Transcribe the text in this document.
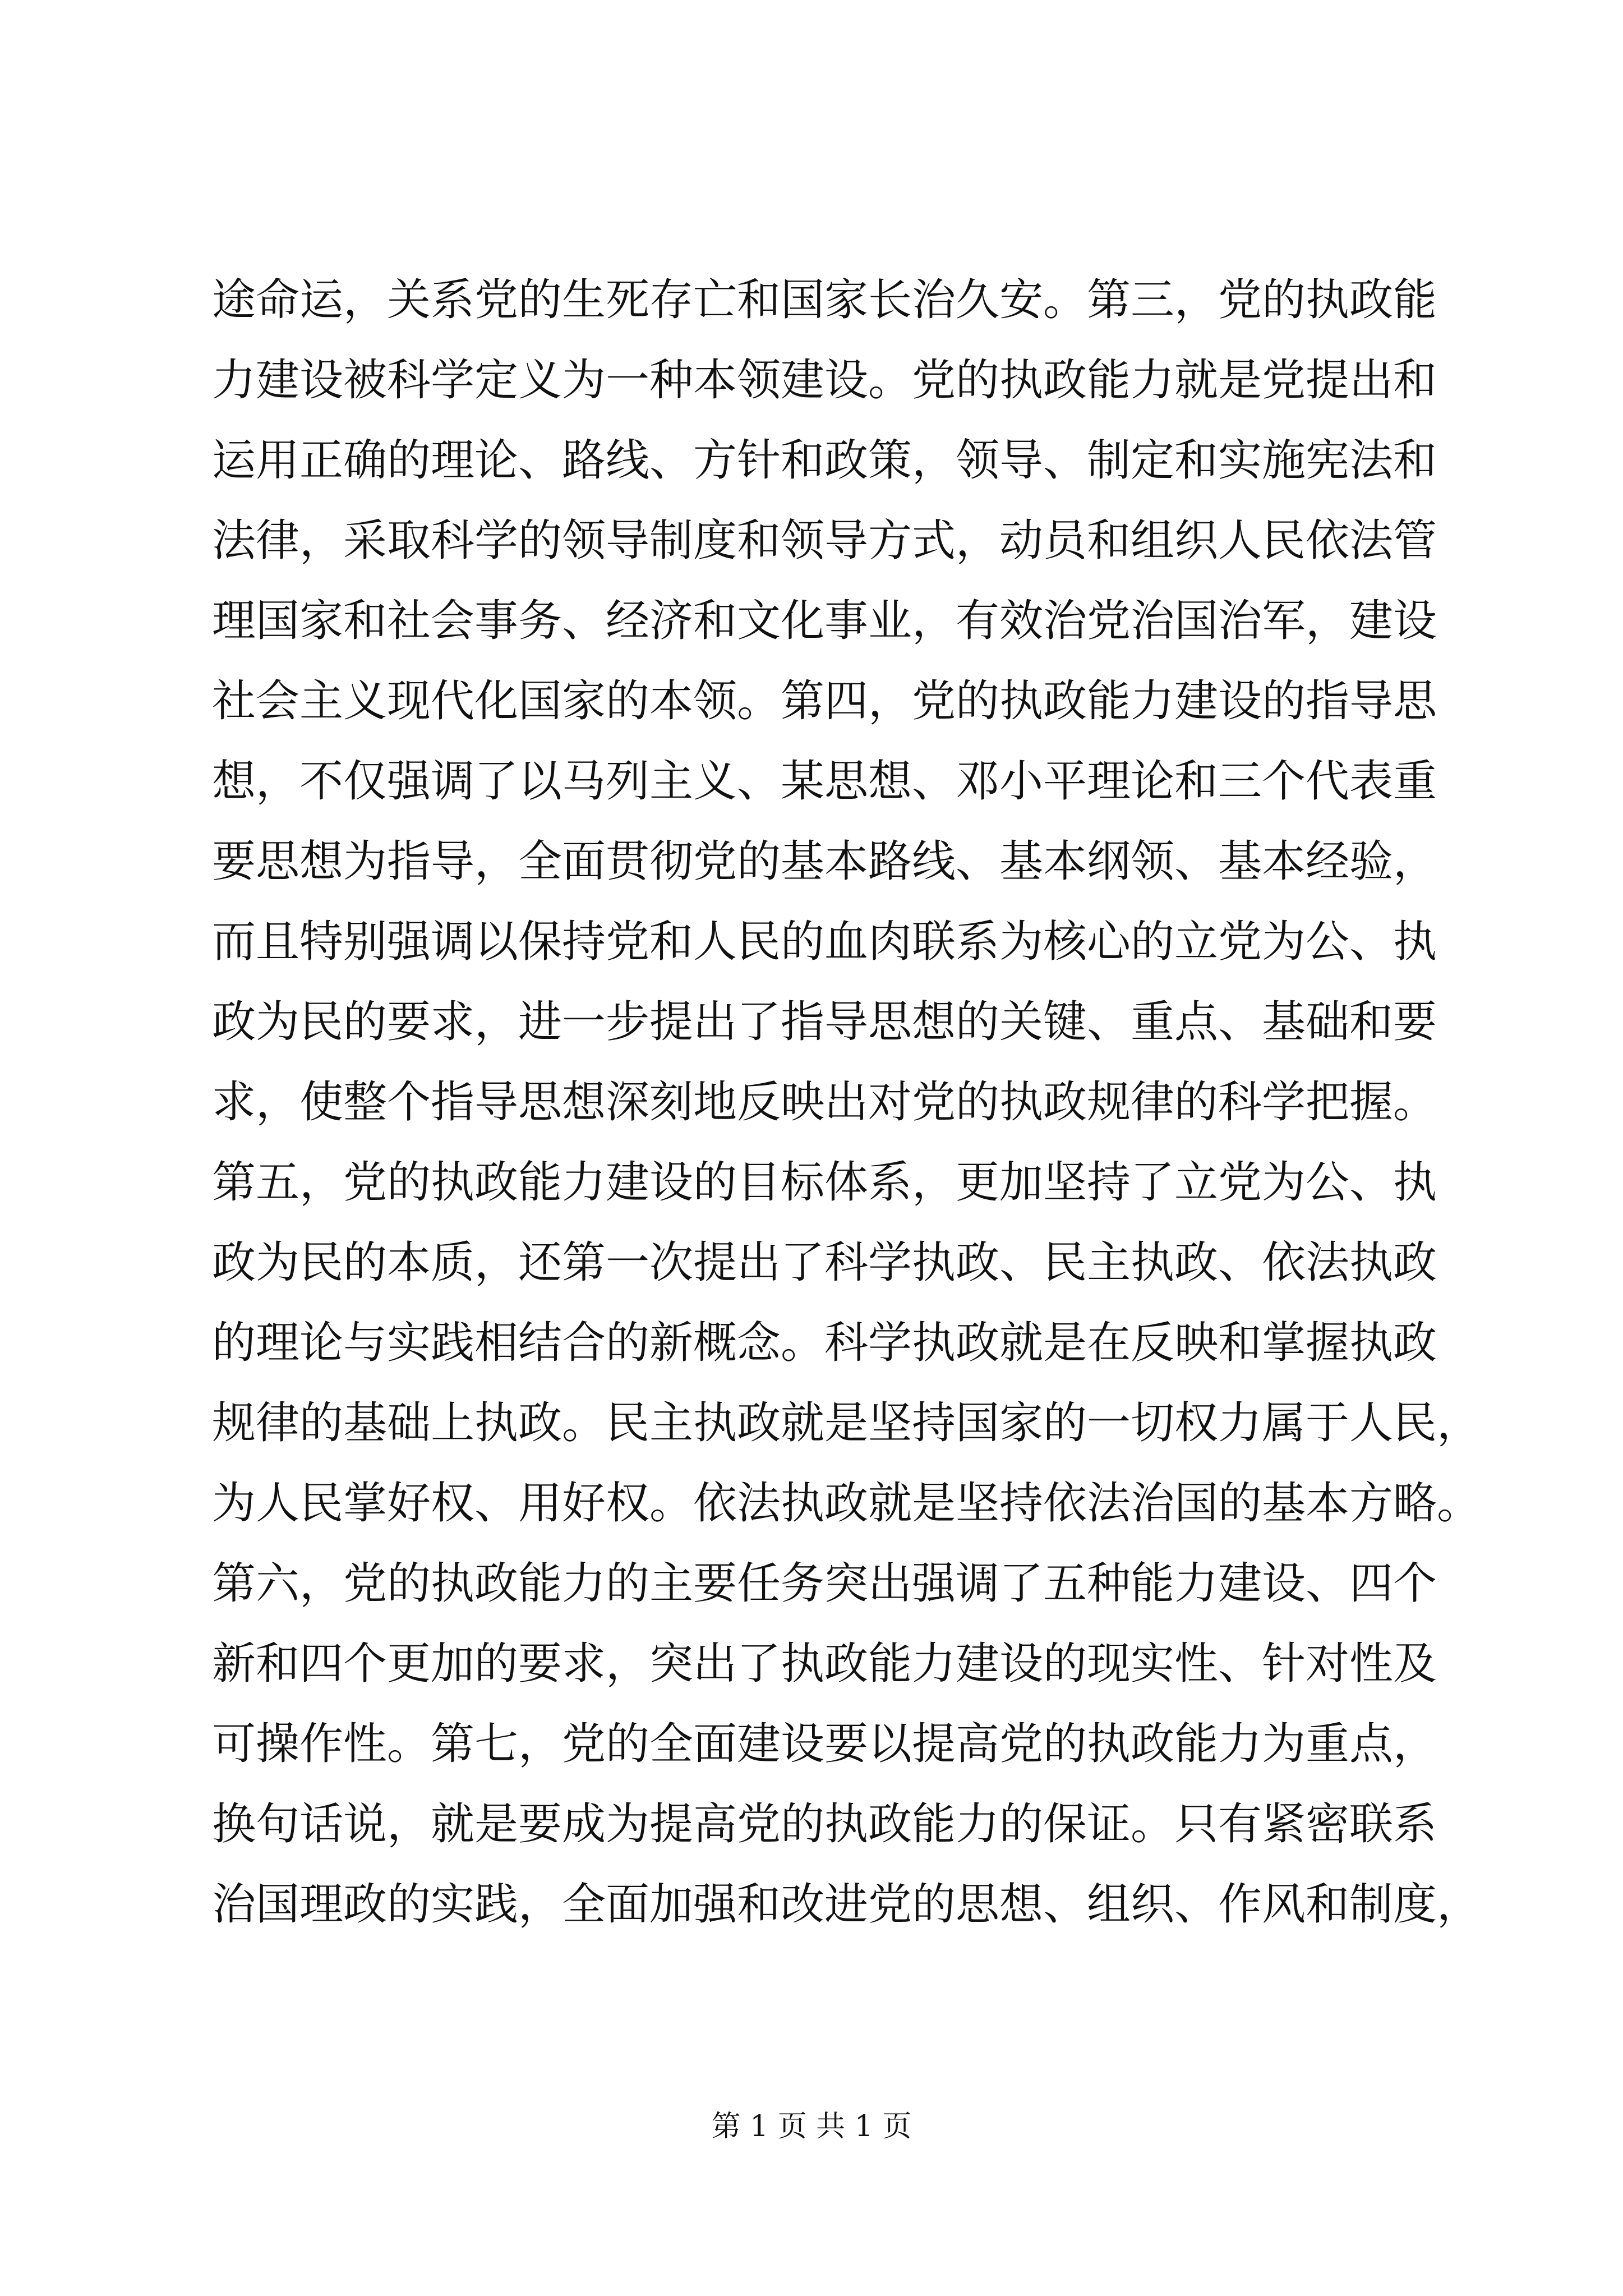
途命运，关系党的生死存亡和国家长治久安。第三，党的执政能
力建设被科学定义为一种本领建设。党的执政能力就是党提出和
运用正确的理论、路线、方针和政策，领导、制定和实施宪法和
法律，采取科学的领导制度和领导方式，动员和组织人民依法管
理国家和社会事务、经济和文化事业，有效治党治国治军，建设
社会主义现代化国家的本领。第四，党的执政能力建设的指导思
想，不仅强调了以马列主义、某思想、邓小平理论和三个代表重
要思想为指导，全面贯彻党的基本路线、基本纲领、基本经验，
而且特别强调以保持党和人民的血肉联系为核心的立党为公、执
政为民的要求，进一步提出了指导思想的关键、重点、基础和要
求，使整个指导思想深刻地反映出对党的执政规律的科学把握。
第五，党的执政能力建设的目标体系，更加坚持了立党为公、执
政为民的本质，还第一次提出了科学执政、民主执政、依法执政
的理论与实践相结合的新概念。科学执政就是在反映和掌握执政
规律的基础上执政。民主执政就是坚持国家的一切权力属于人民，
为人民掌好权、用好权。依法执政就是坚持依法治国的基本方略。
第六，党的执政能力的主要任务突出强调了五种能力建设、四个
新和四个更加的要求，突出了执政能力建设的现实性、针对性及
可操作性。第七，党的全面建设要以提高党的执政能力为重点，
换句话说，就是要成为提高党的执政能力的保证。只有紧密联系
治国理政的实践，全面加强和改进党的思想、组织、作风和制度，
第 1 页 共 1 页
